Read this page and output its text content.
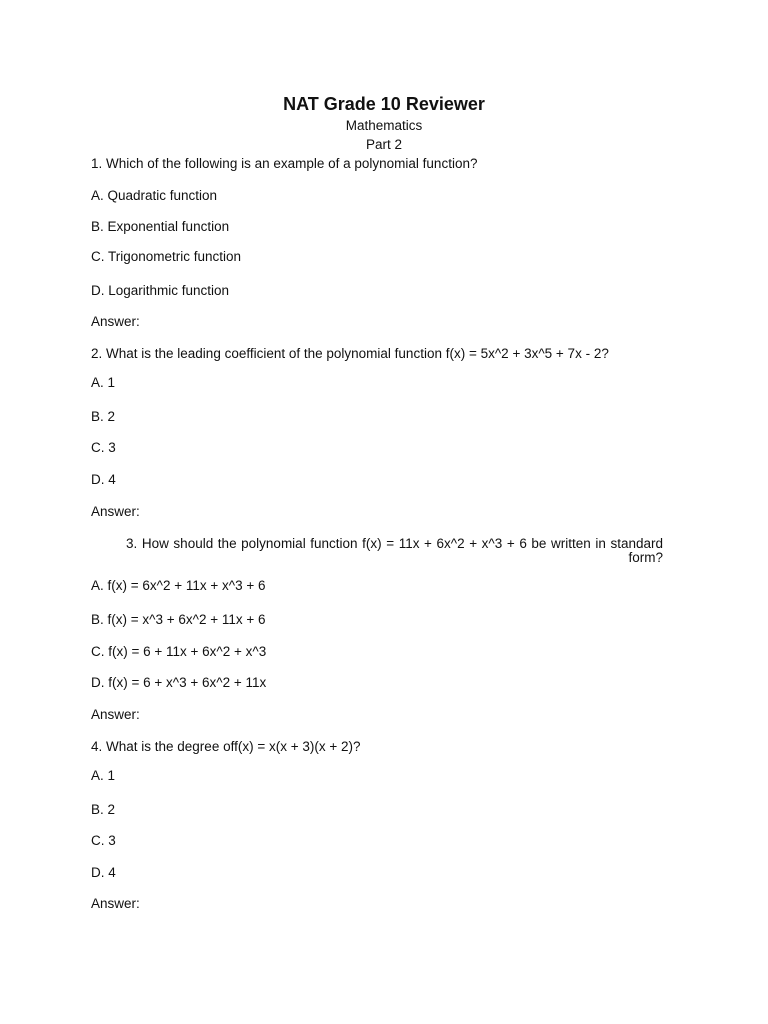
NAT Grade 10 Reviewer
Mathematics
Part 2
1. Which of the following is an example of a polynomial function?
A. Quadratic function
B. Exponential function
C. Trigonometric function
D. Logarithmic function
Answer:
2. What is the leading coefficient of the polynomial function f(x) = 5x^2 + 3x^5 + 7x - 2?
A. 1
B. 2
C. 3
D. 4
Answer:
3. How should the polynomial function f(x) = 11x + 6x^2 + x^3 + 6 be written in standard form?
A. f(x) = 6x^2 + 11x + x^3 + 6
B. f(x) = x^3 + 6x^2 + 11x + 6
C. f(x) = 6 + 11x + 6x^2 + x^3
D. f(x) = 6 + x^3 + 6x^2 + 11x
Answer:
4. What is the degree off(x) = x(x + 3)(x + 2)?
A. 1
B. 2
C. 3
D. 4
Answer:
